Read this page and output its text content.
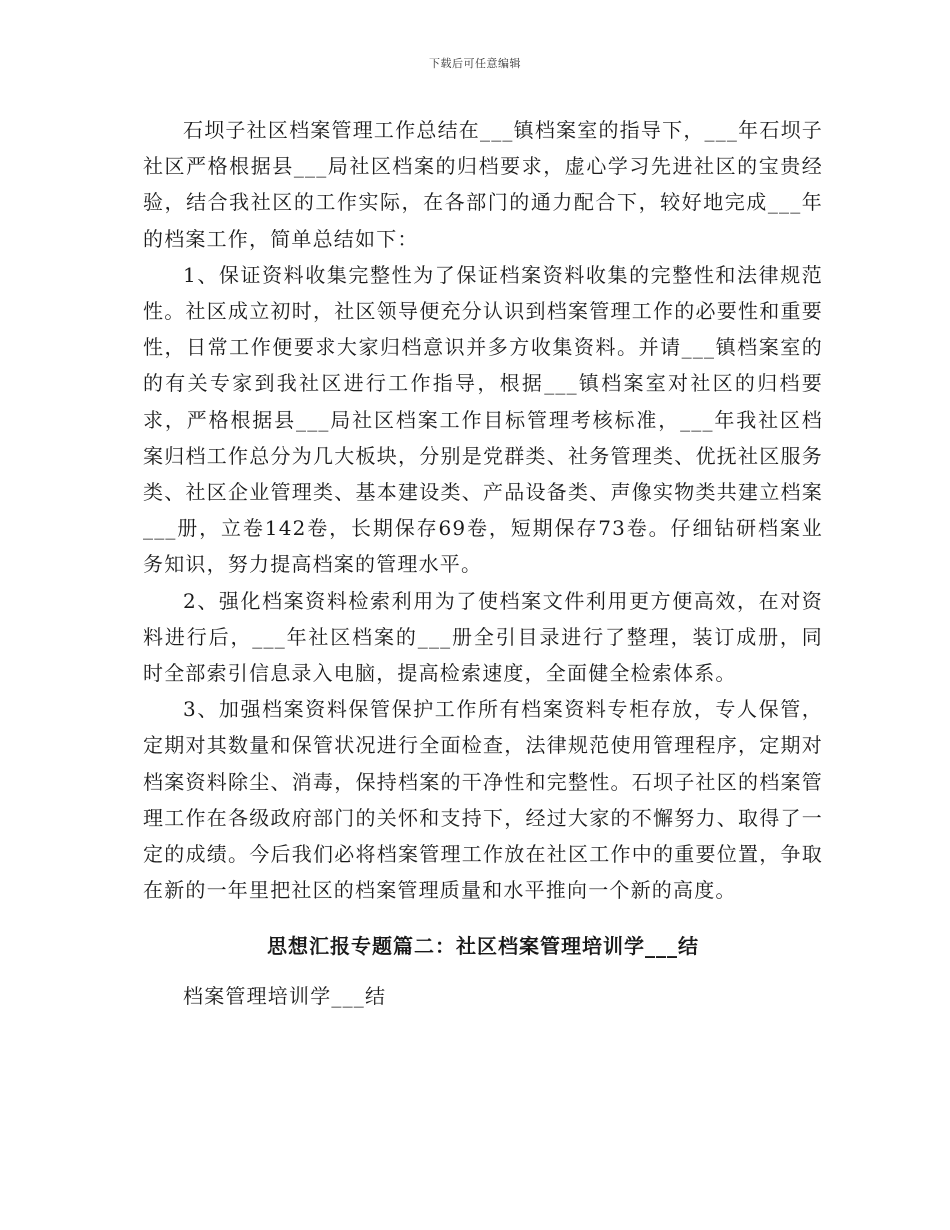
下载后可任意编辑

石坝子社区档案管理工作总结在___镇档案室的指导下，___年石坝子社区严格根据县___局社区档案的归档要求，虚心学习先进社区的宝贵经验，结合我社区的工作实际，在各部门的通力配合下，较好地完成___年的档案工作，简单总结如下：

1、保证资料收集完整性为了保证档案资料收集的完整性和法律规范性。社区成立初时，社区领导便充分认识到档案管理工作的必要性和重要性，日常工作便要求大家归档意识并多方收集资料。并请___镇档案室的的有关专家到我社区进行工作指导，根据___镇档案室对社区的归档要求，严格根据县___局社区档案工作目标管理考核标准，___年我社区档案归档工作总分为几大板块，分别是党群类、社务管理类、优抚社区服务类、社区企业管理类、基本建设类、产品设备类、声像实物类共建立档案___册，立卷142卷，长期保存69卷，短期保存73卷。仔细钻研档案业务知识，努力提高档案的管理水平。

2、强化档案资料检索利用为了使档案文件利用更方便高效，在对资料进行后，___年社区档案的___册全引目录进行了整理，装订成册，同时全部索引信息录入电脑，提高检索速度，全面健全检索体系。

3、加强档案资料保管保护工作所有档案资料专柜存放，专人保管，定期对其数量和保管状况进行全面检查，法律规范使用管理程序，定期对档案资料除尘、消毒，保持档案的干净性和完整性。石坝子社区的档案管理工作在各级政府部门的关怀和支持下，经过大家的不懈努力、取得了一定的成绩。今后我们必将档案管理工作放在社区工作中的重要位置，争取在新的一年里把社区的档案管理质量和水平推向一个新的高度。

思想汇报专题篇二：社区档案管理培训学___结

档案管理培训学___结
